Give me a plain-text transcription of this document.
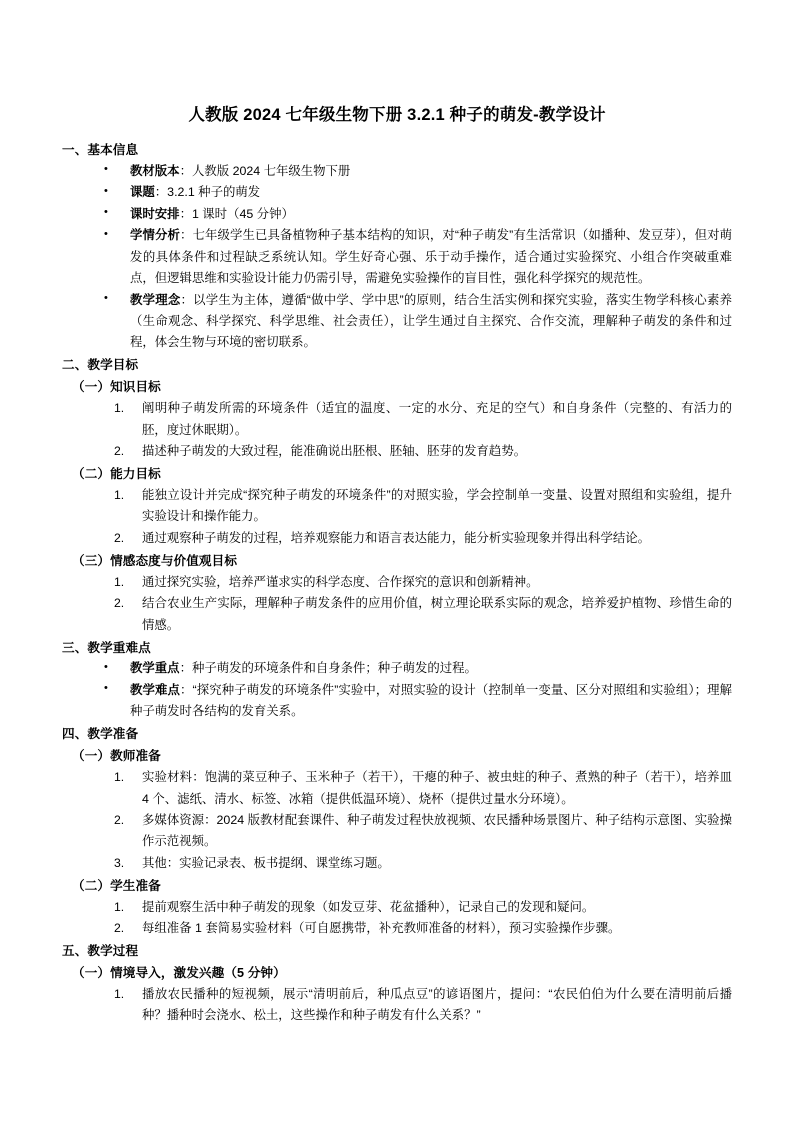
人教版 2024 七年级生物下册 3.2.1 种子的萌发-教学设计
一、基本信息
• 教材版本：人教版 2024 七年级生物下册
• 课题：3.2.1 种子的萌发
• 课时安排：1 课时（45 分钟）
• 学情分析：七年级学生已具备植物种子基本结构的知识，对“种子萌发”有生活常识（如播种、发豆芽），但对萌发的具体条件和过程缺乏系统认知。学生好奇心强、乐于动手操作，适合通过实验探究、小组合作突破重难点，但逻辑思维和实验设计能力仍需引导，需避免实验操作的盲目性，强化科学探究的规范性。
• 教学理念：以学生为主体，遵循“做中学、学中思”的原则，结合生活实例和探究实验，落实生物学科核心素养（生命观念、科学探究、科学思维、社会责任），让学生通过自主探究、合作交流，理解种子萌发的条件和过程，体会生物与环境的密切联系。
二、教学目标
（一）知识目标
阐明种子萌发所需的环境条件（适宜的温度、一定的水分、充足的空气）和自身条件（完整的、有活力的胚，度过休眠期）。
描述种子萌发的大致过程，能准确说出胚根、胚轴、胚芽的发育趋势。
（二）能力目标
能独立设计并完成“探究种子萌发的环境条件”的对照实验，学会控制单一变量、设置对照组和实验组，提升实验设计和操作能力。
通过观察种子萌发的过程，培养观察能力和语言表达能力，能分析实验现象并得出科学结论。
（三）情感态度与价值观目标
通过探究实验，培养严谨求实的科学态度、合作探究的意识和创新精神。
结合农业生产实际，理解种子萌发条件的应用价值，树立理论联系实际的观念，培养爱护植物、珍惜生命的情感。
三、教学重难点
• 教学重点：种子萌发的环境条件和自身条件；种子萌发的过程。
• 教学难点：“探究种子萌发的环境条件”实验中，对照实验的设计（控制单一变量、区分对照组和实验组）；理解种子萌发时各结构的发育关系。
四、教学准备
（一）教师准备
实验材料：饱满的菜豆种子、玉米种子（若干），干瘪的种子、被虫蛀的种子、煮熟的种子（若干），培养皿 4 个、滤纸、清水、标签、冰箱（提供低温环境）、烧杯（提供过量水分环境）。
多媒体资源：2024 版教材配套课件、种子萌发过程快放视频、农民播种场景图片、种子结构示意图、实验操作示范视频。
其他：实验记录表、板书提纲、课堂练习题。
（二）学生准备
提前观察生活中种子萌发的现象（如发豆芽、花盆播种），记录自己的发现和疑问。
每组准备 1 套简易实验材料（可自愿携带，补充教师准备的材料），预习实验操作步骤。
五、教学过程
（一）情境导入，激发兴趣（5 分钟）
播放农民播种的短视频，展示“清明前后，种瓜点豆”的谚语图片，提问：“农民伯伯为什么要在清明前后播种？播种时会浇水、松土，这些操作和种子萌发有什么关系？”
